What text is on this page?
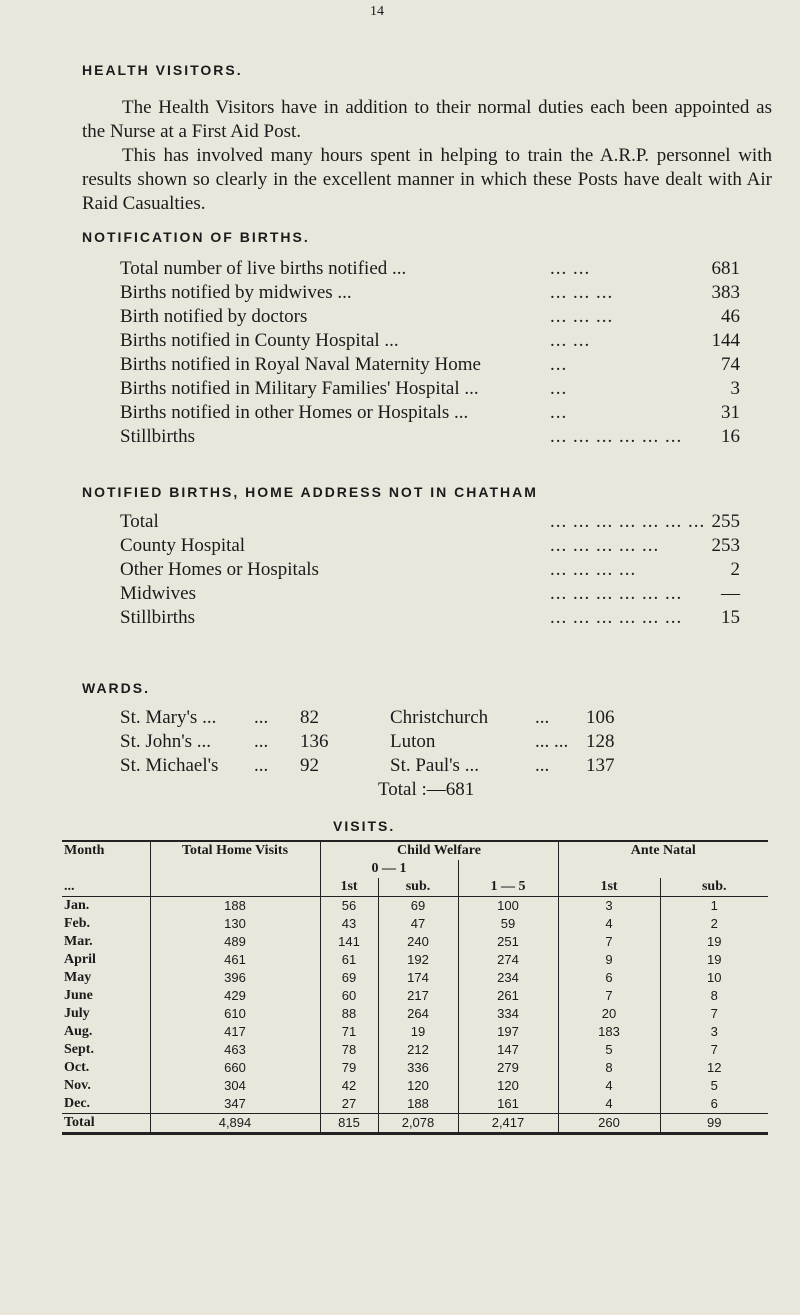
14
HEALTH VISITORS.

The Health Visitors have in addition to their normal duties each been appointed as the Nurse at a First Aid Post.

This has involved many hours spent in helping to train the A.R.P. personnel with results shown so clearly in the excellent manner in which these Posts have dealt with Air Raid Casualties.

NOTIFICATION OF BIRTHS.
Total number of live births notified ...	681
... ...
Births notified by midwives ...	383
... ... ...
Birth notified by doctors	46
... ... ...
Births notified in County Hospital ...	144
... ...
Births notified in Royal Naval Maternity Home	74
...
Births notified in Military Families' Hospital ...	3
...
Births notified in other Homes or Hospitals ...	31
...
Stillbirths	16
... ... ... ... ... ...
NOTIFIED BIRTHS, HOME ADDRESS NOT IN CHATHAM
Total	255
... ... ... ... ... ... ...
County Hospital	253
... ... ... ... ...
Other Homes or Hospitals	2
... ... ... ...
Midwives	—
... ... ... ... ... ...
Stillbirths	15
... ... ... ... ... ...
WARDS.
St. Mary's ... ... 82	Christchurch ... 106
St. John's ... ... 136	Luton	... ... 128
St. Michael's ... 92	St. Paul's ...	... 137
Total :—681
VISITS.
Month	Total Home Visits	Child Welfare			Ante Natal	
		0 — 1				
...		1st	sub.	1 — 5	1st	sub.
Jan.	188	56	69	100	3	1
Feb.	130	43	47	59	4	2
Mar.	489	141	240	251	7	19
April	461	61	192	274	9	19
May	396	69	174	234	6	10
June	429	60	217	261	7	8
July	610	88	264	334	20	7
Aug.	417	71	19	197	183	3
Sept.	463	78	212	147	5	7
Oct.	660	79	336	279	8	12
Nov.	304	42	120	120	4	5
Dec.	347	27	188	161	4	6
Total	4,894	815	2,078	2,417	260	99
